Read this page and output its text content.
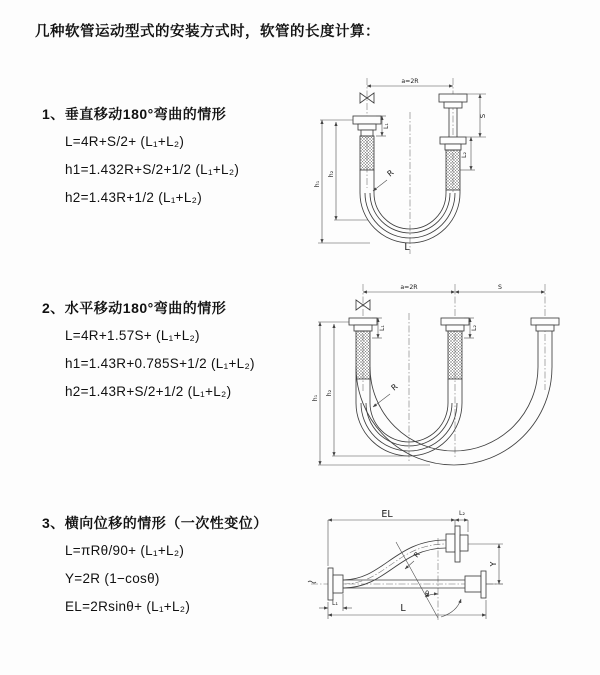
几种软管运动型式的安装方式时，软管的长度计算：
1、垂直移动180°弯曲的情形
L=4R+S/2+ (L₁+L₂)
h1=1.432R+S/2+1/2 (L₁+L₂)
h2=1.43R+1/2 (L₁+L₂)
2、水平移动180°弯曲的情形
L=4R+1.57S+ (L₁+L₂)
h1=1.43R+0.785S+1/2 (L₁+L₂)
h2=1.43R+S/2+1/2 (L₁+L₂)
3、横向位移的情形（一次性变位）
L=πRθ/90+ (L₁+L₂)
Y=2R (1−cosθ)
EL=2Rsinθ+ (L₁+L₂)
a=2R
h₁
h₂
L₁
S
L₂
R
L
a=2R	S
h₁
h₂
L₁	L₂
R
EL	L₂
Y
L
L₁
θ
R
